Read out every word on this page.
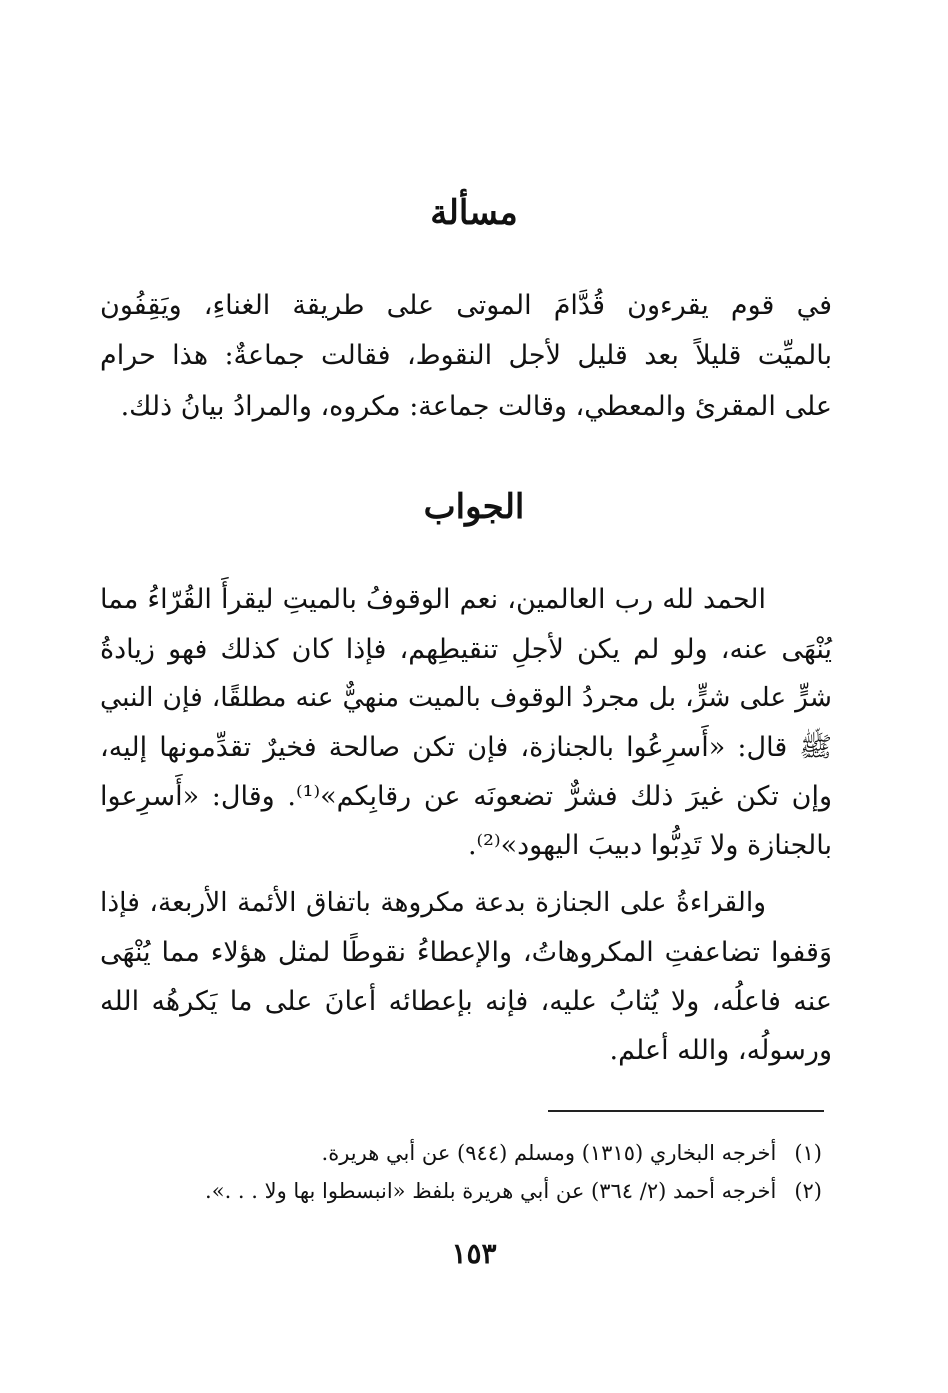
مسألة
في قوم يقرءون قُدَّامَ الموتى على طريقة الغناءِ، ويَقِفُون
بالميِّت قليلاً بعد قليل لأجل النقوط، فقالت جماعةٌ: هذا حرام
على المقرئ والمعطي، وقالت جماعة: مكروه، والمرادُ بيانُ ذلك.
الجواب
الحمد لله رب العالمين، نعم الوقوفُ بالميتِ ليقرأَ القُرّاءُ مما
يُنْهَى عنه، ولو لم يكن لأجلِ تنقيطِهم، فإذا كان كذلك فهو زيادةُ
شرٍّ على شرٍّ، بل مجردُ الوقوف بالميت منهيٌّ عنه مطلقًا، فإن النبي
ﷺ قال: «أَسرِعُوا بالجنازة، فإن تكن صالحة فخيرٌ تقدِّمونها إليه،
وإن تكن غيرَ ذلك فشرٌّ تضعونَه عن رقابِكم»⁽¹⁾. وقال: «أَسرِعوا
بالجنازة ولا تَدِبُّوا دبيبَ اليهود»⁽²⁾.
والقراءةُ على الجنازة بدعة مكروهة باتفاق الأئمة الأربعة، فإذا
وَقفوا تضاعفتِ المكروهاتُ، والإعطاءُ نقوطًا لمثل هؤلاء مما يُنْهَى
عنه فاعلُه، ولا يُثابُ عليه، فإنه بإعطائه أعانَ على ما يَكرهُه الله
ورسولُه، والله أعلم.
(١)أخرجه البخاري (١٣١٥) ومسلم (٩٤٤) عن أبي هريرة.
(٢)أخرجه أحمد (٢/ ٣٦٤) عن أبي هريرة بلفظ «انبسطوا بها ولا . . .».
١٥٣
